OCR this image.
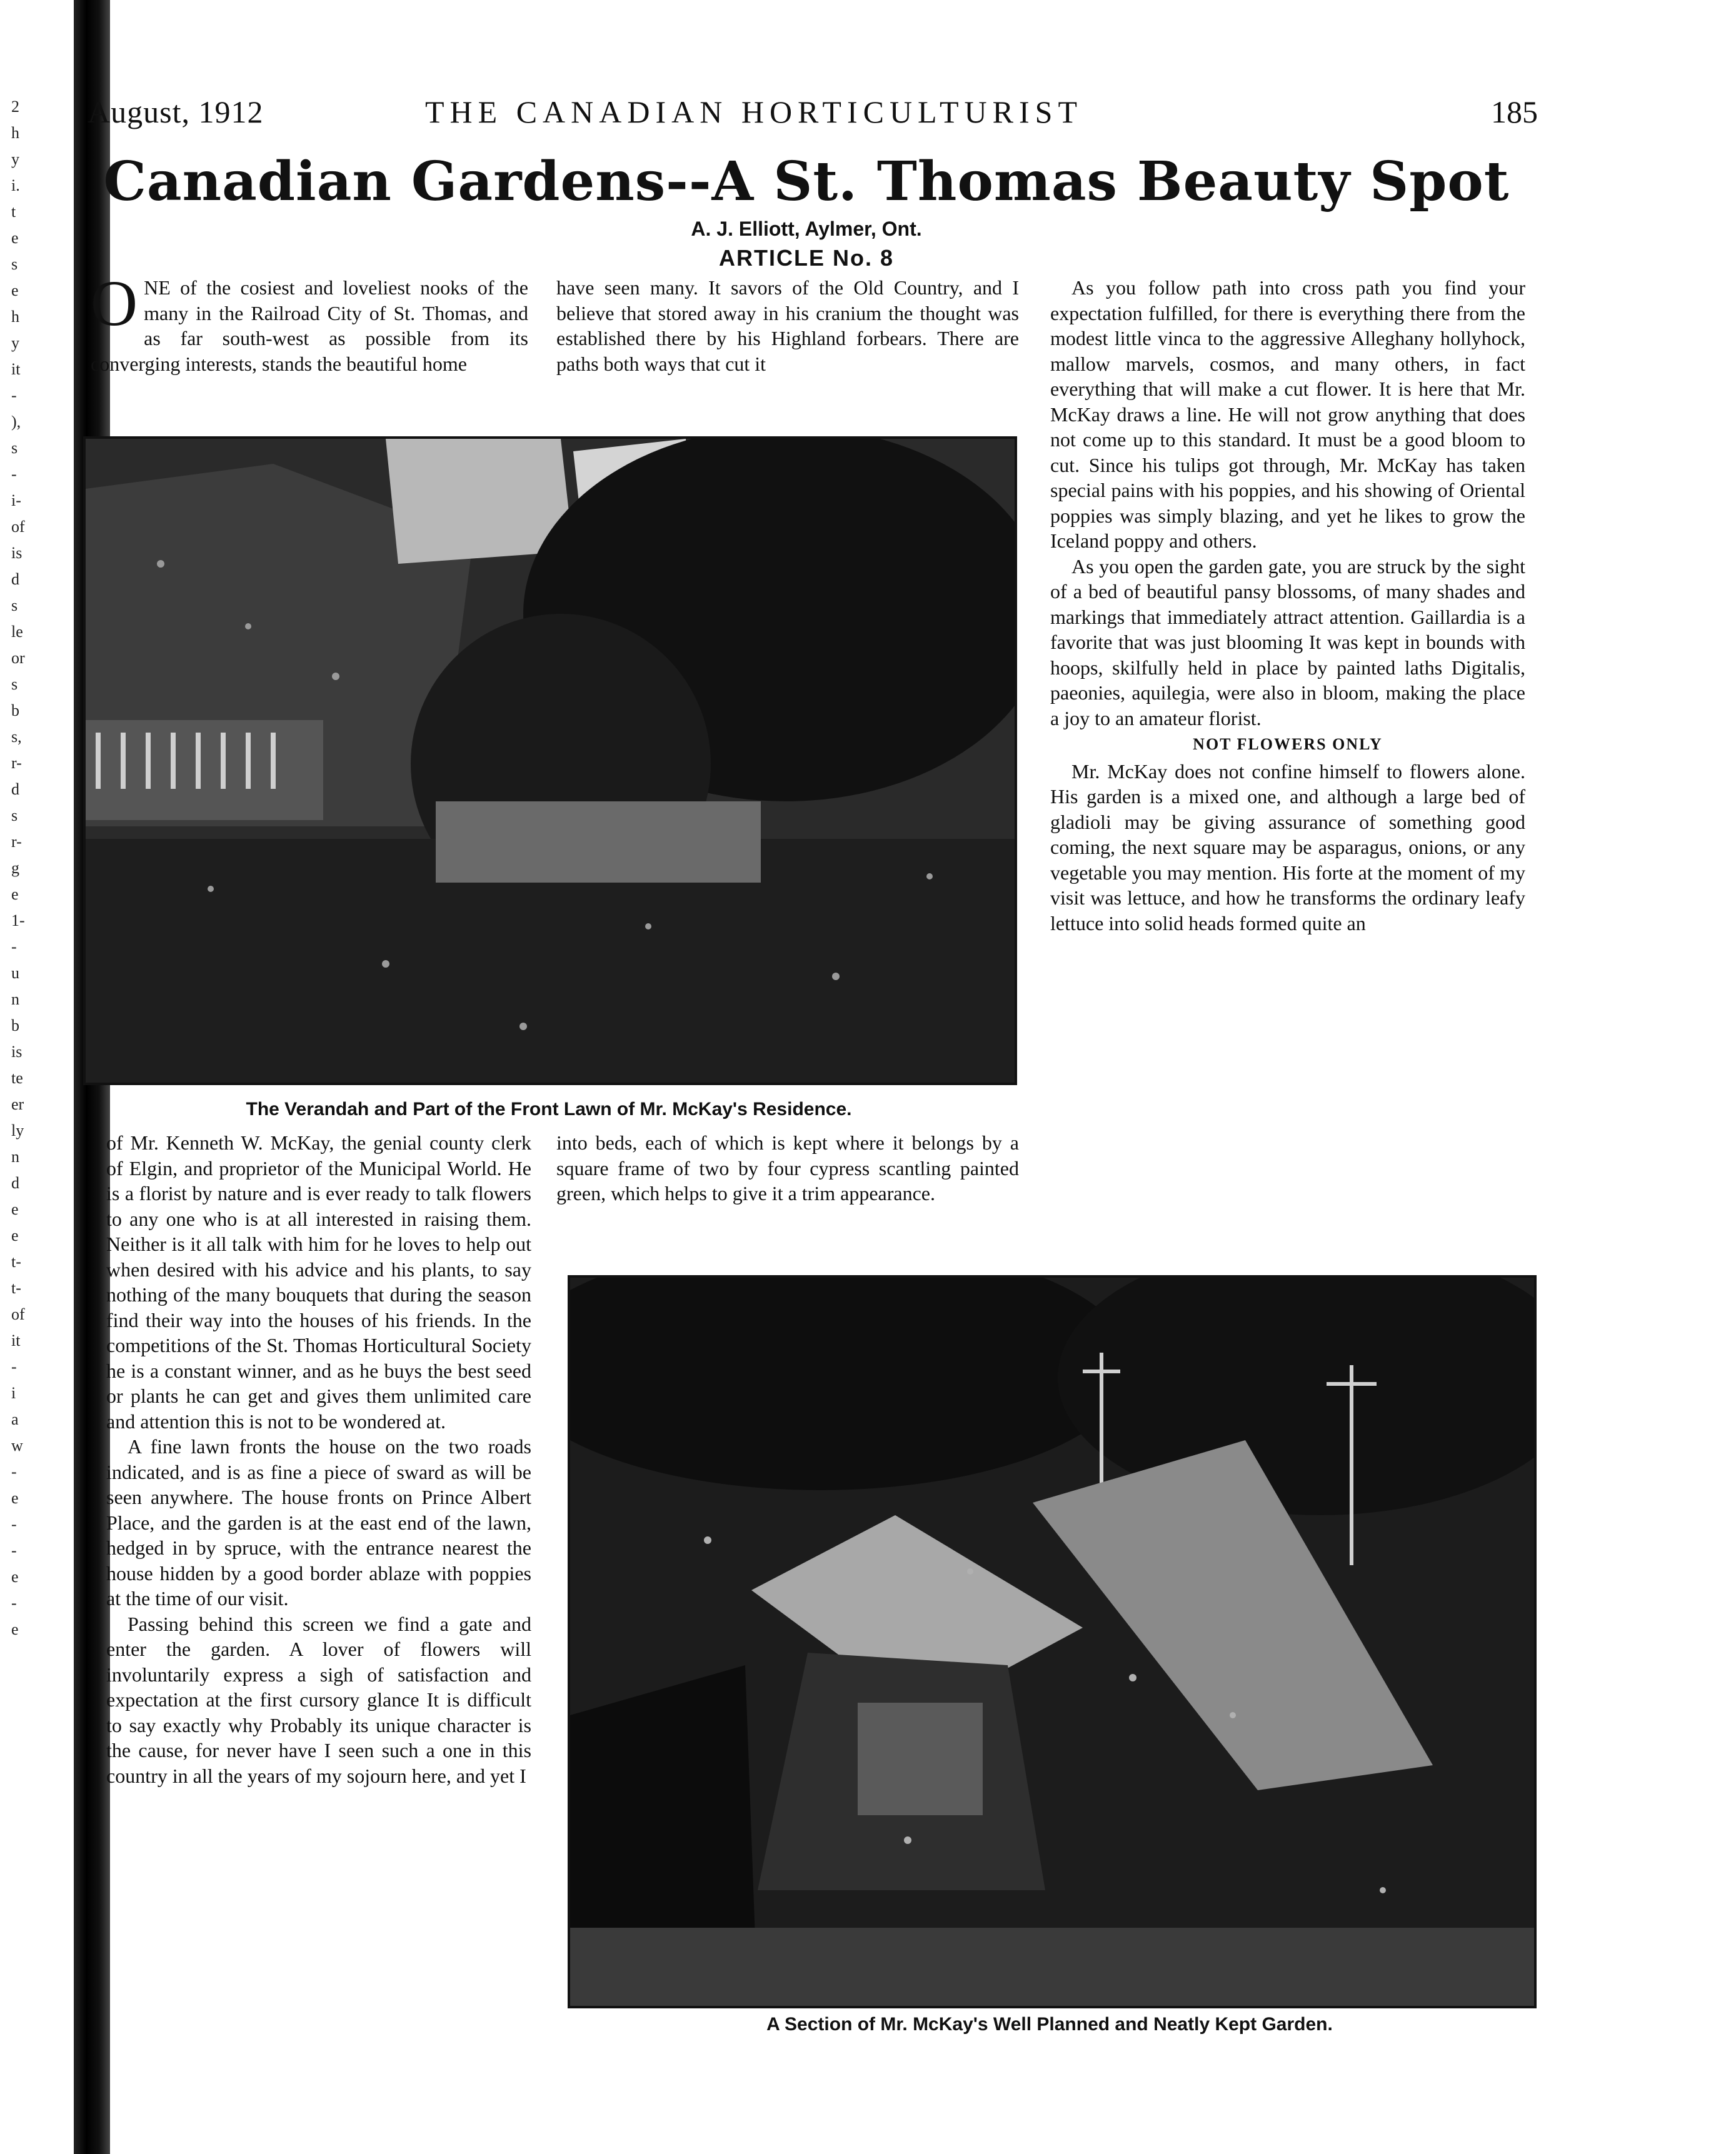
2
h
y
i.
t
e
s
e
h
y
it
-
),
s
-
i-
of
is
d
s
le
or
s
b
s,
r-
d
s
r-
g
e
1-
-
u
n
b
is
te
er
ly
n
d
e
e
t-
t-
of
it
-
i
a
w
-
e
-
-
e
-
e
August, 1912	THE CANADIAN HORTICULTURIST	185
Canadian Gardens--A St. Thomas Beauty Spot
A. J. Elliott, Aylmer, Ont.
ARTICLE No. 8

ONE of the cosiest and loveliest nooks of the many in the Railroad City of St. Thomas, and as far south-west as possible from its converging interests, stands the beautiful home

have seen many. It savors of the Old Country, and I believe that stored away in his cranium the thought was established there by his Highland forbears. There are paths both ways that cut it

As you follow path into cross path you find your expectation fulfilled, for there is everything there from the modest little vinca to the aggressive Alleghany hollyhock, mallow marvels, cosmos, and many others, in fact everything that will make a cut flower. It is here that Mr. McKay draws a line. He will not grow anything that does not come up to this standard. It must be a good bloom to cut. Since his tulips got through, Mr. McKay has taken special pains with his poppies, and his showing of Oriental poppies was simply blazing, and yet he likes to grow the Iceland poppy and others.

As you open the garden gate, you are struck by the sight of a bed of beautiful pansy blossoms, of many shades and markings that immediately attract attention. Gaillardia is a favorite that was just blooming It was kept in bounds with hoops, skilfully held in place by painted laths Digitalis, paeonies, aquilegia, were also in bloom, making the place a joy to an amateur florist.

NOT FLOWERS ONLY

Mr. McKay does not confine himself to flowers alone. His garden is a mixed one, and although a large bed of gladioli may be giving assurance of something good coming, the next square may be asparagus, onions, or any vegetable you may mention. His forte at the moment of my visit was lettuce, and how he transforms the ordinary leafy lettuce into solid heads formed quite an

The Verandah and Part of the Front Lawn of Mr. McKay's Residence.

of Mr. Kenneth W. McKay, the genial county clerk of Elgin, and proprietor of the Municipal World. He is a florist by nature and is ever ready to talk flowers to any one who is at all interested in raising them. Neither is it all talk with him for he loves to help out when desired with his advice and his plants, to say nothing of the many bouquets that during the season find their way into the houses of his friends. In the competitions of the St. Thomas Horticultural Society he is a constant winner, and as he buys the best seed or plants he can get and gives them unlimited care and attention this is not to be wondered at.

A fine lawn fronts the house on the two roads indicated, and is as fine a piece of sward as will be seen anywhere. The house fronts on Prince Albert Place, and the garden is at the east end of the lawn, hedged in by spruce, with the entrance nearest the house hidden by a good border ablaze with poppies at the time of our visit.

Passing behind this screen we find a gate and enter the garden. A lover of flowers will involuntarily express a sigh of satisfaction and expectation at the first cursory glance It is difficult to say exactly why Probably its unique character is the cause, for never have I seen such a one in this country in all the years of my sojourn here, and yet I

into beds, each of which is kept where it belongs by a square frame of two by four cypress scantling painted green, which helps to give it a trim appearance.

A Section of Mr. McKay's Well Planned and Neatly Kept Garden.
